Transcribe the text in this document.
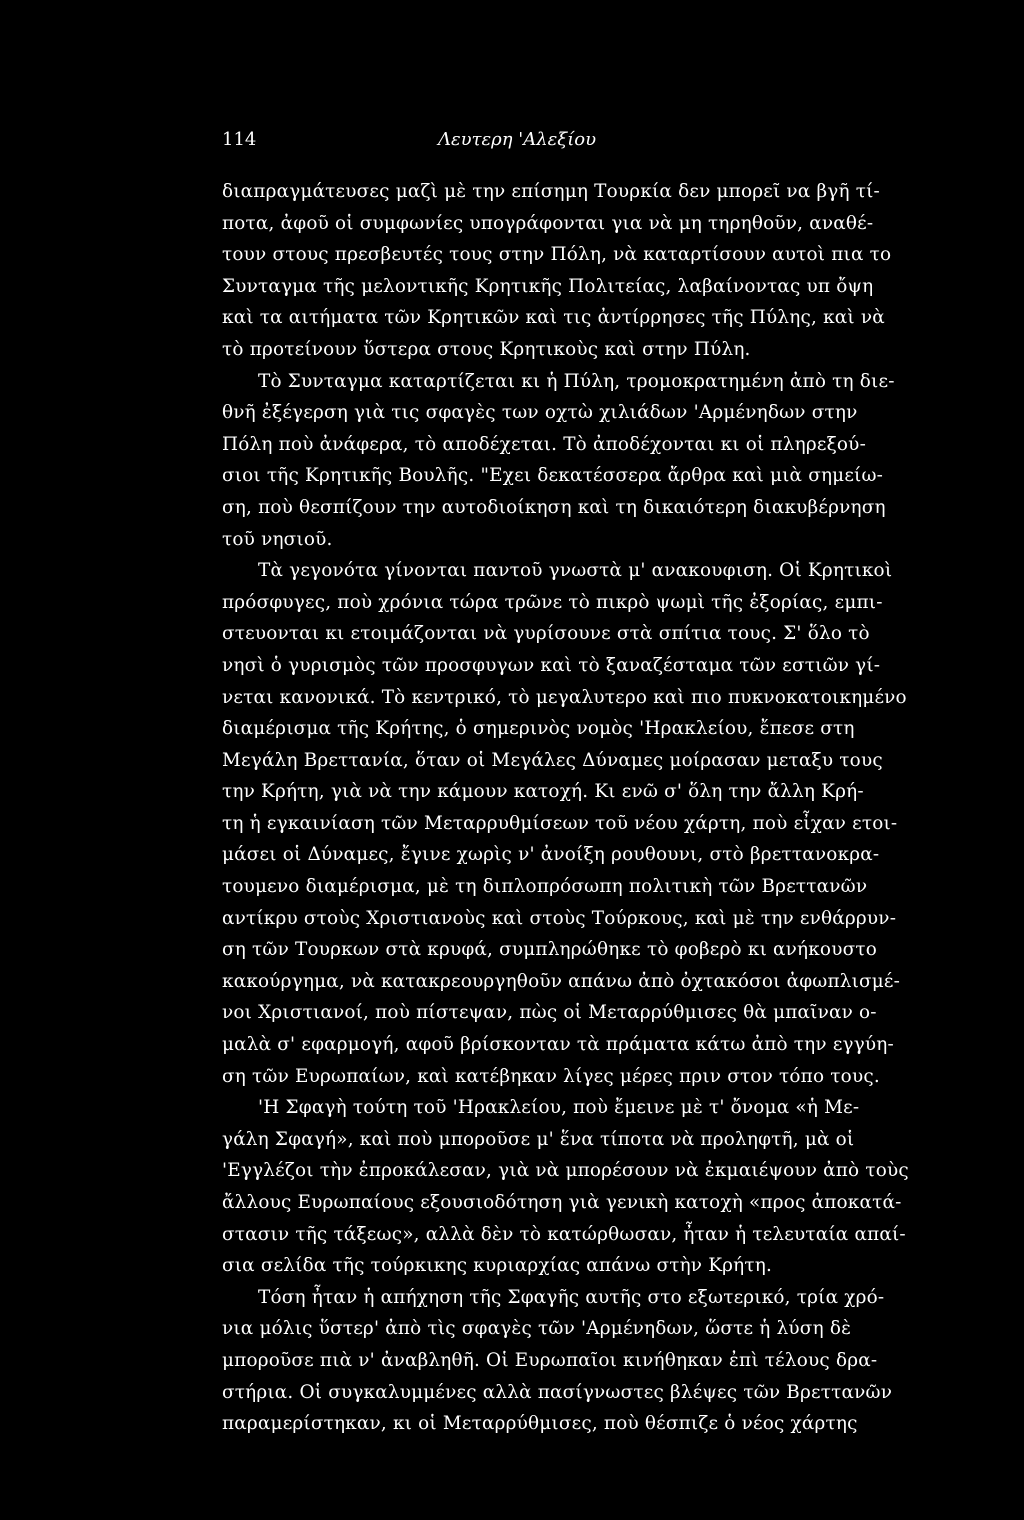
114	Λευτερη 'Αλεξίου
διαπραγμάτευσες μαζὶ μὲ την επίσημη Τουρκία δεν μπορεῖ να βγῆ τί-
ποτα, ἀφοῦ οἱ συμφωνίες υπογράφονται για νὰ μη τηρηθοῦν, αναθέ-
τουν στους πρεσβευτές τους στην Πόλη, νὰ καταρτίσουν αυτοὶ πια το
Συνταγμα τῆς μελοντικῆς Κρητικῆς Πολιτείας, λαβαίνοντας υπ ὄψη
καὶ τα αιτήματα τῶν Κρητικῶν καὶ τις ἀντίρρησες τῆς Πύλης, καὶ νὰ
τὸ προτείνουν ὕστερα στους Κρητικοὺς καὶ στην Πύλη.
Τὸ Συνταγμα καταρτίζεται κι ἡ Πύλη, τρομοκρατημένη ἀπὸ τη διε-
θνῆ ἐξέγερση γιὰ τις σφαγὲς των οχτὼ χιλιάδων 'Αρμένηδων στην
Πόλη ποὺ ἀνάφερα, τὸ αποδέχεται. Τὸ ἀποδέχονται κι οἱ πληρεξού-
σιοι τῆς Κρητικῆς Βουλῆς. "Εχει δεκατέσσερα ἄρθρα καὶ μιὰ σημείω-
ση, ποὺ θεσπίζουν την αυτοδιοίκηση καὶ τη δικαιότερη διακυβέρνηση
τοῦ νησιοῦ.
Τὰ γεγονότα γίνονται παντοῦ γνωστὰ μ' ανακουφιση. Οἱ Κρητικοὶ
πρόσφυγες, ποὺ χρόνια τώρα τρῶνε τὸ πικρὸ ψωμὶ τῆς ἐξορίας, εμπι-
στευονται κι ετοιμάζονται νὰ γυρίσουνε στὰ σπίτια τους. Σ' ὅλο τὸ
νησὶ ὁ γυρισμὸς τῶν προσφυγων καὶ τὸ ξαναζέσταμα τῶν εστιῶν γί-
νεται κανονικά. Τὸ κεντρικό, τὸ μεγαλυτερο καὶ πιο πυκνοκατοικημένο
διαμέρισμα τῆς Κρήτης, ὁ σημερινὸς νομὸς 'Ηρακλείου, ἔπεσε στη
Μεγάλη Βρεττανία, ὅταν οἱ Μεγάλες Δύναμες μοίρασαν μεταξυ τους
την Κρήτη, γιὰ νὰ την κάμουν κατοχή. Κι ενῶ σ' ὅλη την ἄλλη Κρή-
τη ἡ εγκαινίαση τῶν Μεταρρυθμίσεων τοῦ νέου χάρτη, ποὺ εἶχαν ετοι-
μάσει οἱ Δύναμες, ἔγινε χωρὶς ν' ἀνοίξη ρουθουνι, στὸ βρεττανοκρα-
τουμενο διαμέρισμα, μὲ τη διπλοπρόσωπη πολιτικὴ τῶν Βρεττανῶν
αντίκρυ στοὺς Χριστιανοὺς καὶ στοὺς Τούρκους, καὶ μὲ την ενθάρρυν-
ση τῶν Τουρκων στὰ κρυφά, συμπληρώθηκε τὸ φοβερὸ κι ανήκουστο
κακούργημα, νὰ κατακρεουργηθοῦν απάνω ἀπὸ ὀχτακόσοι ἀφωπλισμέ-
νοι Χριστιανοί, ποὺ πίστεψαν, πὼς οἱ Μεταρρύθμισες θὰ μπαῖναν ο-
μαλὰ σ' εφαρμογή, αφοῦ βρίσκονταν τὰ πράματα κάτω ἀπὸ την εγγύη-
ση τῶν Ευρωπαίων, καὶ κατέβηκαν λίγες μέρες πριν στον τόπο τους.
'Η Σφαγὴ τούτη τοῦ 'Ηρακλείου, ποὺ ἔμεινε μὲ τ' ὄνομα «ἡ Με-
γάλη Σφαγή», καὶ ποὺ μποροῦσε μ' ἕνα τίποτα νὰ προληφτῆ, μὰ οἱ
'Εγγλέζοι τὴν ἐπροκάλεσαν, γιὰ νὰ μπορέσουν νὰ ἐκμαιέψουν ἀπὸ τοὺς
ἄλλους Ευρωπαίους εξουσιοδότηση γιὰ γενικὴ κατοχὴ «προς ἀποκατά-
στασιν τῆς τάξεως», αλλὰ δὲν τὸ κατώρθωσαν, ἦταν ἡ τελευταία απαί-
σια σελίδα τῆς τούρκικης κυριαρχίας απάνω στὴν Κρήτη.
Τόση ἦταν ἡ απήχηση τῆς Σφαγῆς αυτῆς στο εξωτερικό, τρία χρό-
νια μόλις ὕστερ' ἀπὸ τὶς σφαγὲς τῶν 'Αρμένηδων, ὥστε ἡ λύση δὲ
μποροῦσε πιὰ ν' ἀναβληθῆ. Οἱ Ευρωπαῖοι κινήθηκαν ἐπὶ τέλους δρα-
στήρια. Οἱ συγκαλυμμένες αλλὰ πασίγνωστες βλέψες τῶν Βρεττανῶν
παραμερίστηκαν, κι οἱ Μεταρρύθμισες, ποὺ θέσπιζε ὁ νέος χάρτης
